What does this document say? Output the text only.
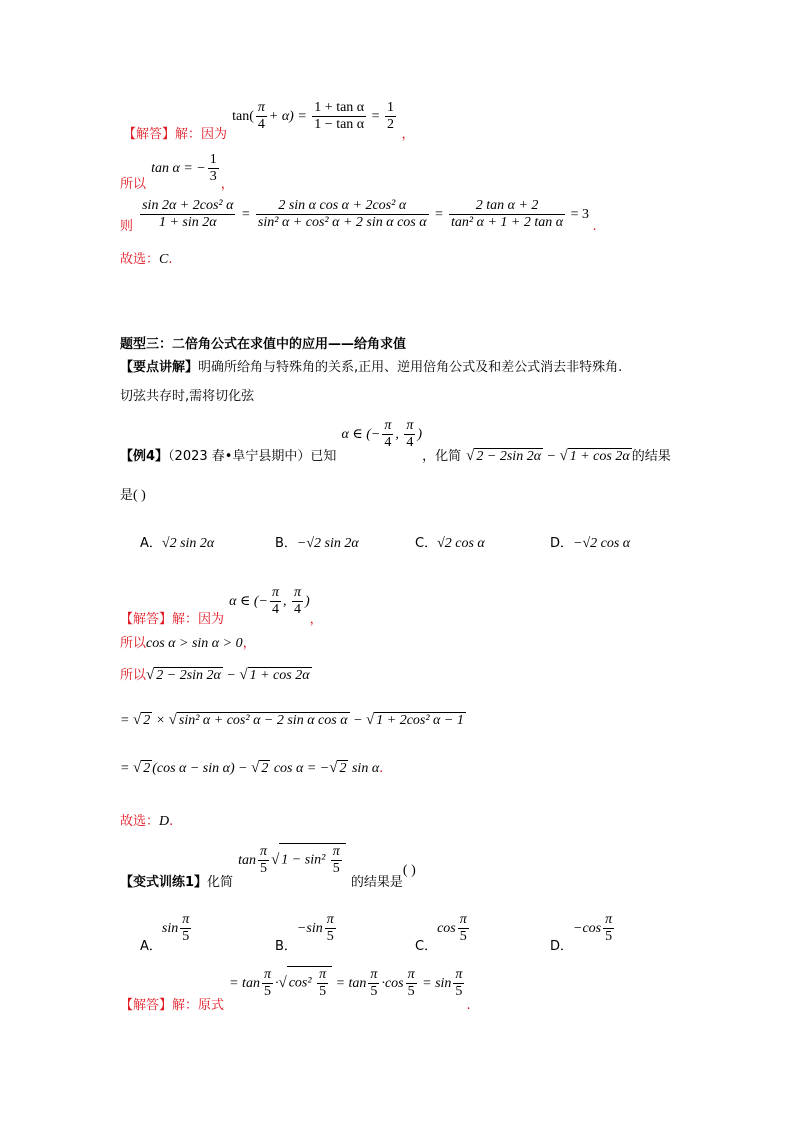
$_{【解答】解:因为}$ $\tan( \frac{\pi}{4} + \alpha) = \frac{\text{1 + tan α}}{\text{1 − tan α}} = \frac{1}{2}$
$_,$
$_{所以}$ tan α = − $\frac{1}{3} _,$
$_则 \frac{\text{sin 2α + 2cos² α}}{1 + \sin 2\alpha} = \frac{\text{2 sin α cos α + 2cos² α}}{\text{sin² α + cos² α + 2 sin α cos α}} = \frac{\text{2 tan α + 2}}{\text{tan² α + 1 + 2 tan α}} = 3$ $_.$
故选：C.
题型三：二倍角公式在求值中的应用——给角求值
【要点讲解】明确所给角与特殊角的关系,正用、逆用倍角公式及和差公式消去非特殊角.
切弦共存时,需将切化弦
$_{【例4】(2023 春•阜宁县期中)已知}$ α ∈ (− $\frac{\pi}{4}$ , $\frac{\pi}{4} )_{,化简}$ √ 2 − 2sin 2α − √ 1 + cos 2α $_{的结果}$
是( )
A．√2 sin 2α	B．−√2 sin 2α	C．√2 cos α	D．−√2 cos α
$_{【解答】解:因为}$ α ∈ (− $\frac{\pi}{4}$ , $\frac{\pi}{4} )_,$
所以cos α > sin α > 0，
所以√ 2 − 2sin 2α − √ 1 + cos 2α
= √ 2 × √ sin² α + cos² α − 2 sin α cos α − √ 1 + 2cos² α − 1
= √ 2 (cos α − sin α) − √ 2 cos α = −√ 2 sin α.
故选：D.
$_{【变式训练1】化简}$ $\tan \frac{\pi}{5}$ √ $1 - \sin^2 \frac{\pi}{5}$
$_{的结果是}$( )
$_{A.}\sin \frac{\pi}{5}$
$_{B.}-\sin \frac{\pi}{5}$
$_{C.}\cos \frac{\pi}{5}$
$_{D.}-\cos \frac{\pi}{5}$
$_{【解答】解:原式} = \tan \frac{\pi}{5}$ ·√ $\cos^2 \frac{\pi}{5} = \tan \frac{\pi}{5} \cdot\cos \frac{\pi}{5} = \sin \frac{\pi}{5}$
$_.$
